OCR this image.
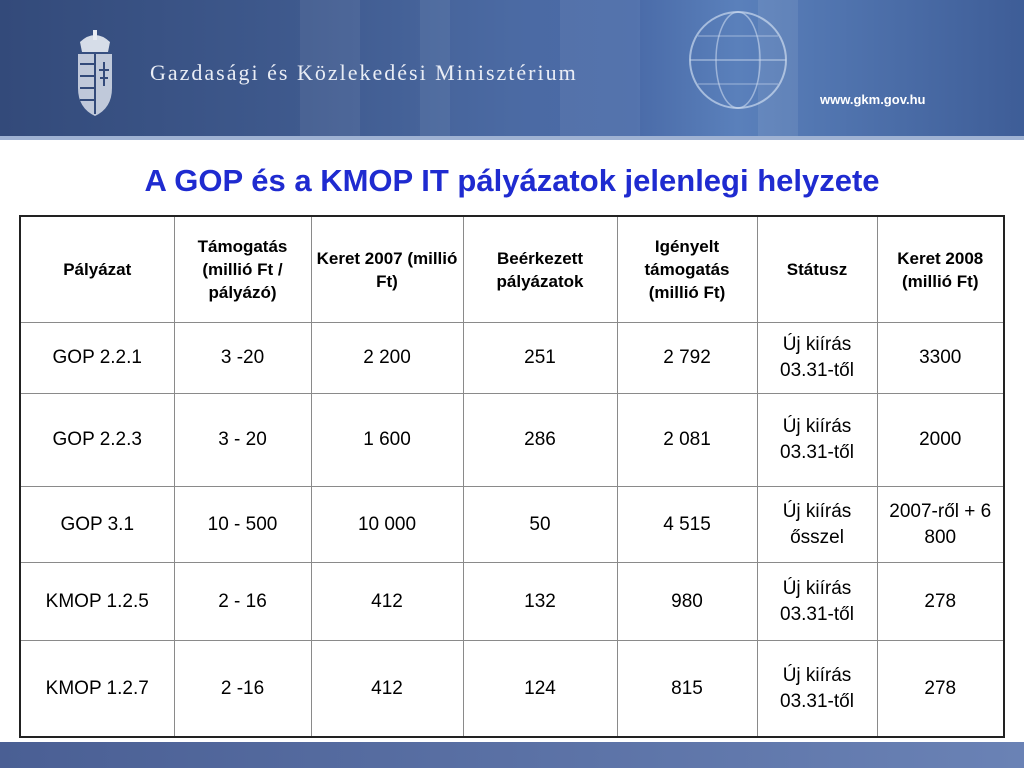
Gazdasági és Közlekedési Minisztérium
www.gkm.gov.hu
A GOP és a KMOP IT pályázatok jelenlegi helyzete
Pályázat	Támogatás (millió Ft / pályázó)	Keret 2007 (millió Ft)	Beérkezett pályázatok	Igényelt támogatás (millió Ft)	Státusz	Keret 2008 (millió Ft)
GOP 2.2.1	3 -20	2 200	251	2 792	Új kiírás 03.31-től	3300
GOP 2.2.3	3 - 20	1 600	286	2 081	Új kiírás 03.31-től	2000
GOP 3.1	10 - 500	10 000	50	4 515	Új kiírás ősszel	2007-ről + 6 800
KMOP 1.2.5	2 - 16	412	132	980	Új kiírás 03.31-től	278
KMOP 1.2.7	2 -16	412	124	815	Új kiírás 03.31-től	278
